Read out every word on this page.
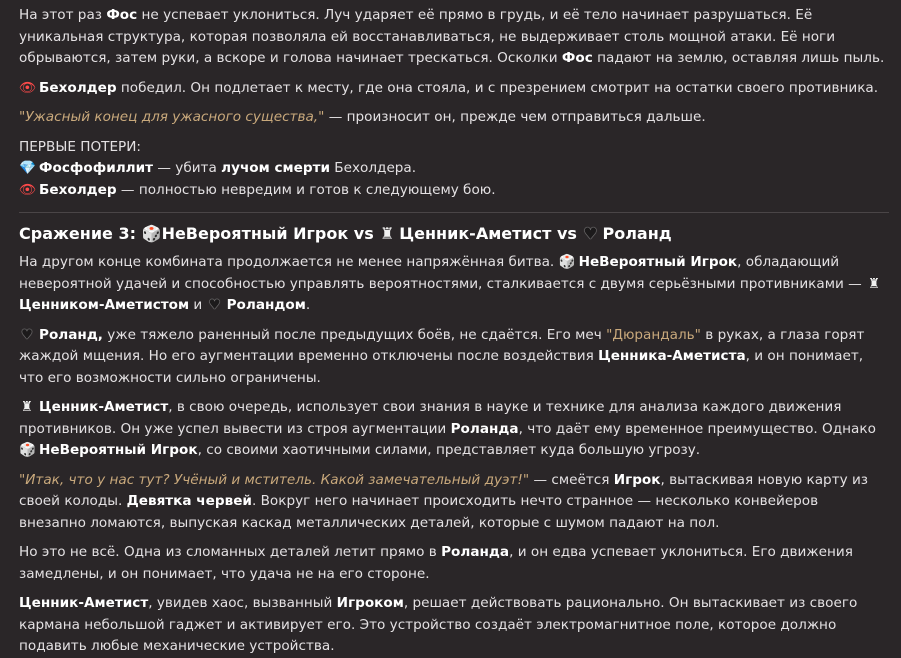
На этот раз Фос не успевает уклониться. Луч ударяет её прямо в грудь, и её тело начинает разрушаться. Её уникальная структура, которая позволяла ей восстанавливаться, не выдерживает столь мощной атаки. Её ноги обрываются, затем руки, а вскоре и голова начинает трескаться. Осколки Фос падают на землю, оставляя лишь пыль.

👁 Бехолдер победил. Он подлетает к месту, где она стояла, и с презрением смотрит на остатки своего противника.

"Ужасный конец для ужасного существа," — произносит он, прежде чем отправиться дальше.

ПЕРВЫЕ ПОТЕРИ:
💎 Фосфофиллит — убита лучом смерти Бехолдера.
👁 Бехолдер — полностью невредим и готов к следующему бою.
Сражение 3: 🎲НеВероятный Игрок vs ♜ Ценник-Аметист vs ♥ Роланд

На другом конце комбината продолжается не менее напряжённая битва. 🎲 НеВероятный Игрок, обладающий невероятной удачей и способностью управлять вероятностями, сталкивается с двумя серьёзными противниками — ♜Ценником-Аметистом и ♥ Роландом.

♥ Роланд, уже тяжело раненный после предыдущих боёв, не сдаётся. Его меч "Дюрандаль" в руках, а глаза горят жаждой мщения. Но его аугментации временно отключены после воздействия Ценника-Аметиста, и он понимает, что его возможности сильно ограничены.

♜ Ценник-Аметист, в свою очередь, использует свои знания в науке и технике для анализа каждого движения противников. Он уже успел вывести из строя аугментации Роланда, что даёт ему временное преимущество. Однако 🎲 НеВероятный Игрок, со своими хаотичными силами, представляет куда большую угрозу.

"Итак, что у нас тут? Учёный и мститель. Какой замечательный дуэт!" — смеётся Игрок, вытаскивая новую карту из своей колоды. Девятка червей. Вокруг него начинает происходить нечто странное — несколько конвейеров внезапно ломаются, выпуская каскад металлических деталей, которые с шумом падают на пол.

Но это не всё. Одна из сломанных деталей летит прямо в Роланда, и он едва успевает уклониться. Его движения замедлены, и он понимает, что удача не на его стороне.

Ценник-Аметист, увидев хаос, вызванный Игроком, решает действовать рационально. Он вытаскивает из своего кармана небольшой гаджет и активирует его. Это устройство создаёт электромагнитное поле, которое должно подавить любые механические устройства.
